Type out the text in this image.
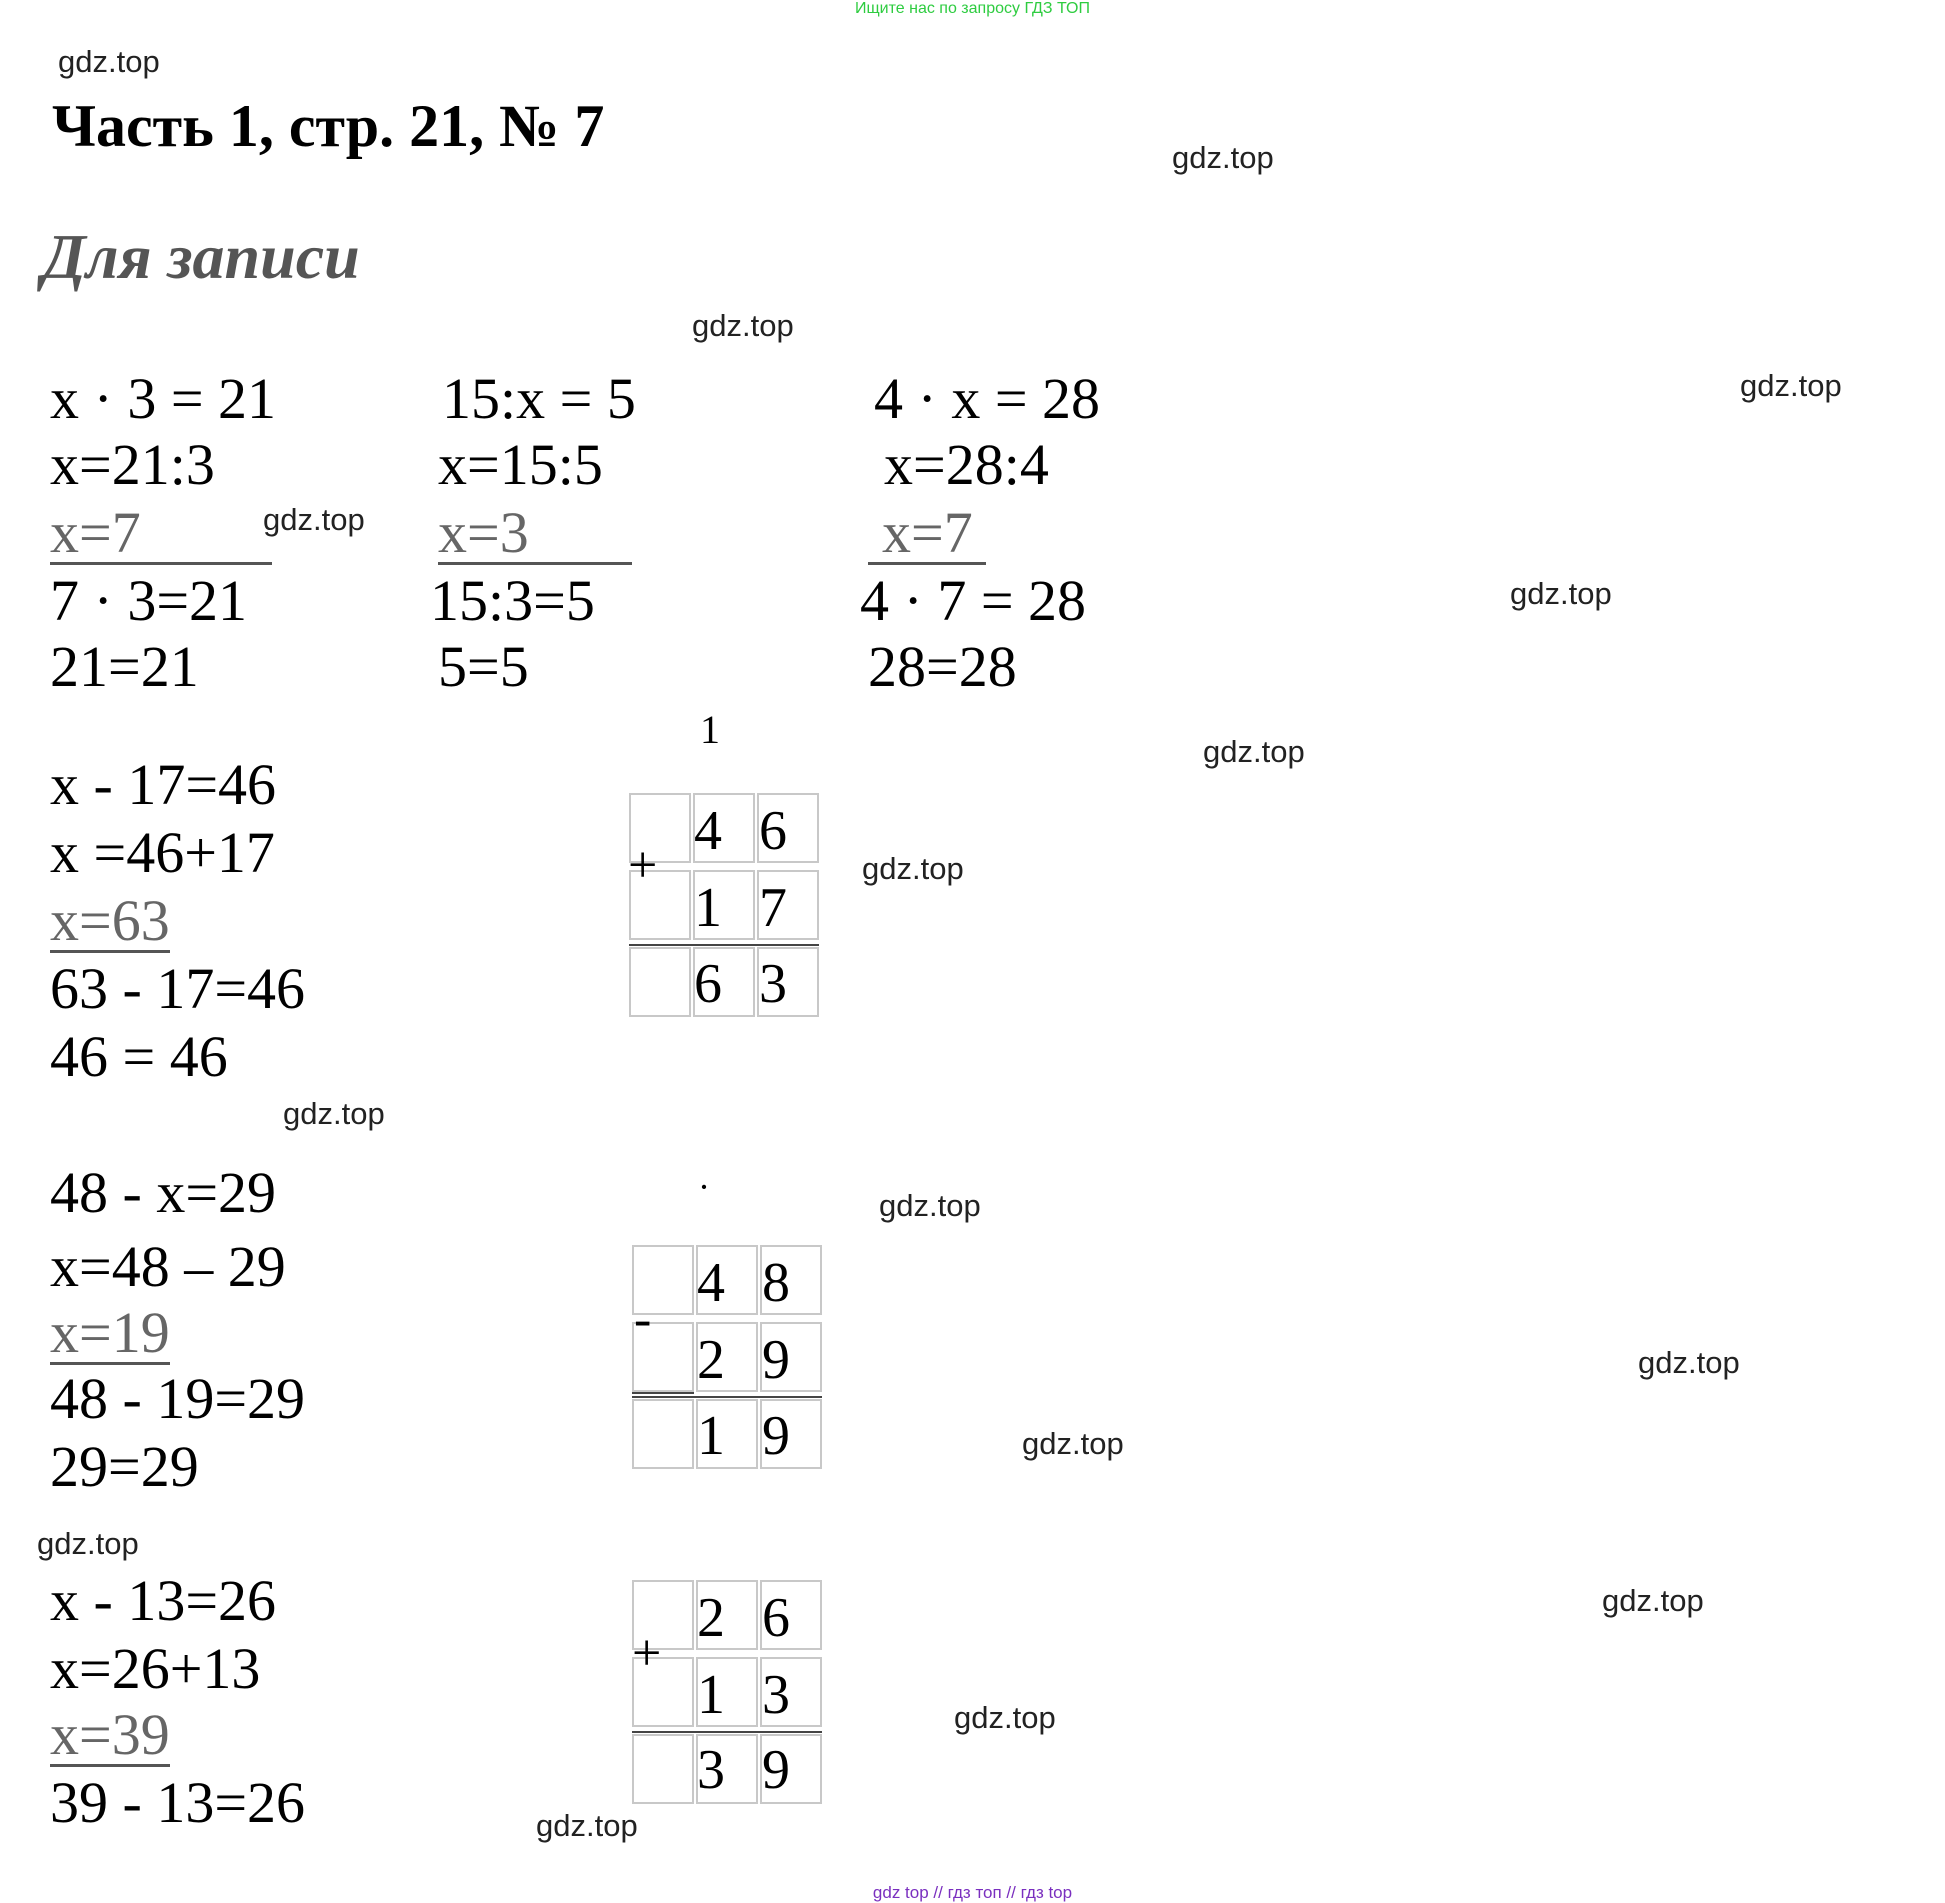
Ищите нас по запросу ГДЗ ТОП
gdz.top
gdz.top
gdz.top
gdz.top
gdz.top
gdz.top
gdz.top
gdz.top
gdz.top
gdz.top
gdz.top
gdz.top
gdz.top
gdz.top
gdz.top
gdz.top
Часть 1, стр. 21, № 7
Для записи
x · 3 = 21
x=21:3
x=7
7 · 3=21
21=21
15:x = 5
x=15:5
x=3
15:3=5
5=5
4 · x = 28
x=28:4
x=7
4 · 7 = 28
28=28
x - 17=46
x =46+17
x=63
63 - 17=46
46 = 46
1
+
4 6
1 7
6 3
48 - x=29
x=48 – 29
x=19
48 - 19=29
29=29
·
-
4 8
2 9
1 9
x - 13=26
x=26+13
x=39
39 - 13=26
+
2 6
1 3
3 9
gdz top // гдз топ // гдз top
